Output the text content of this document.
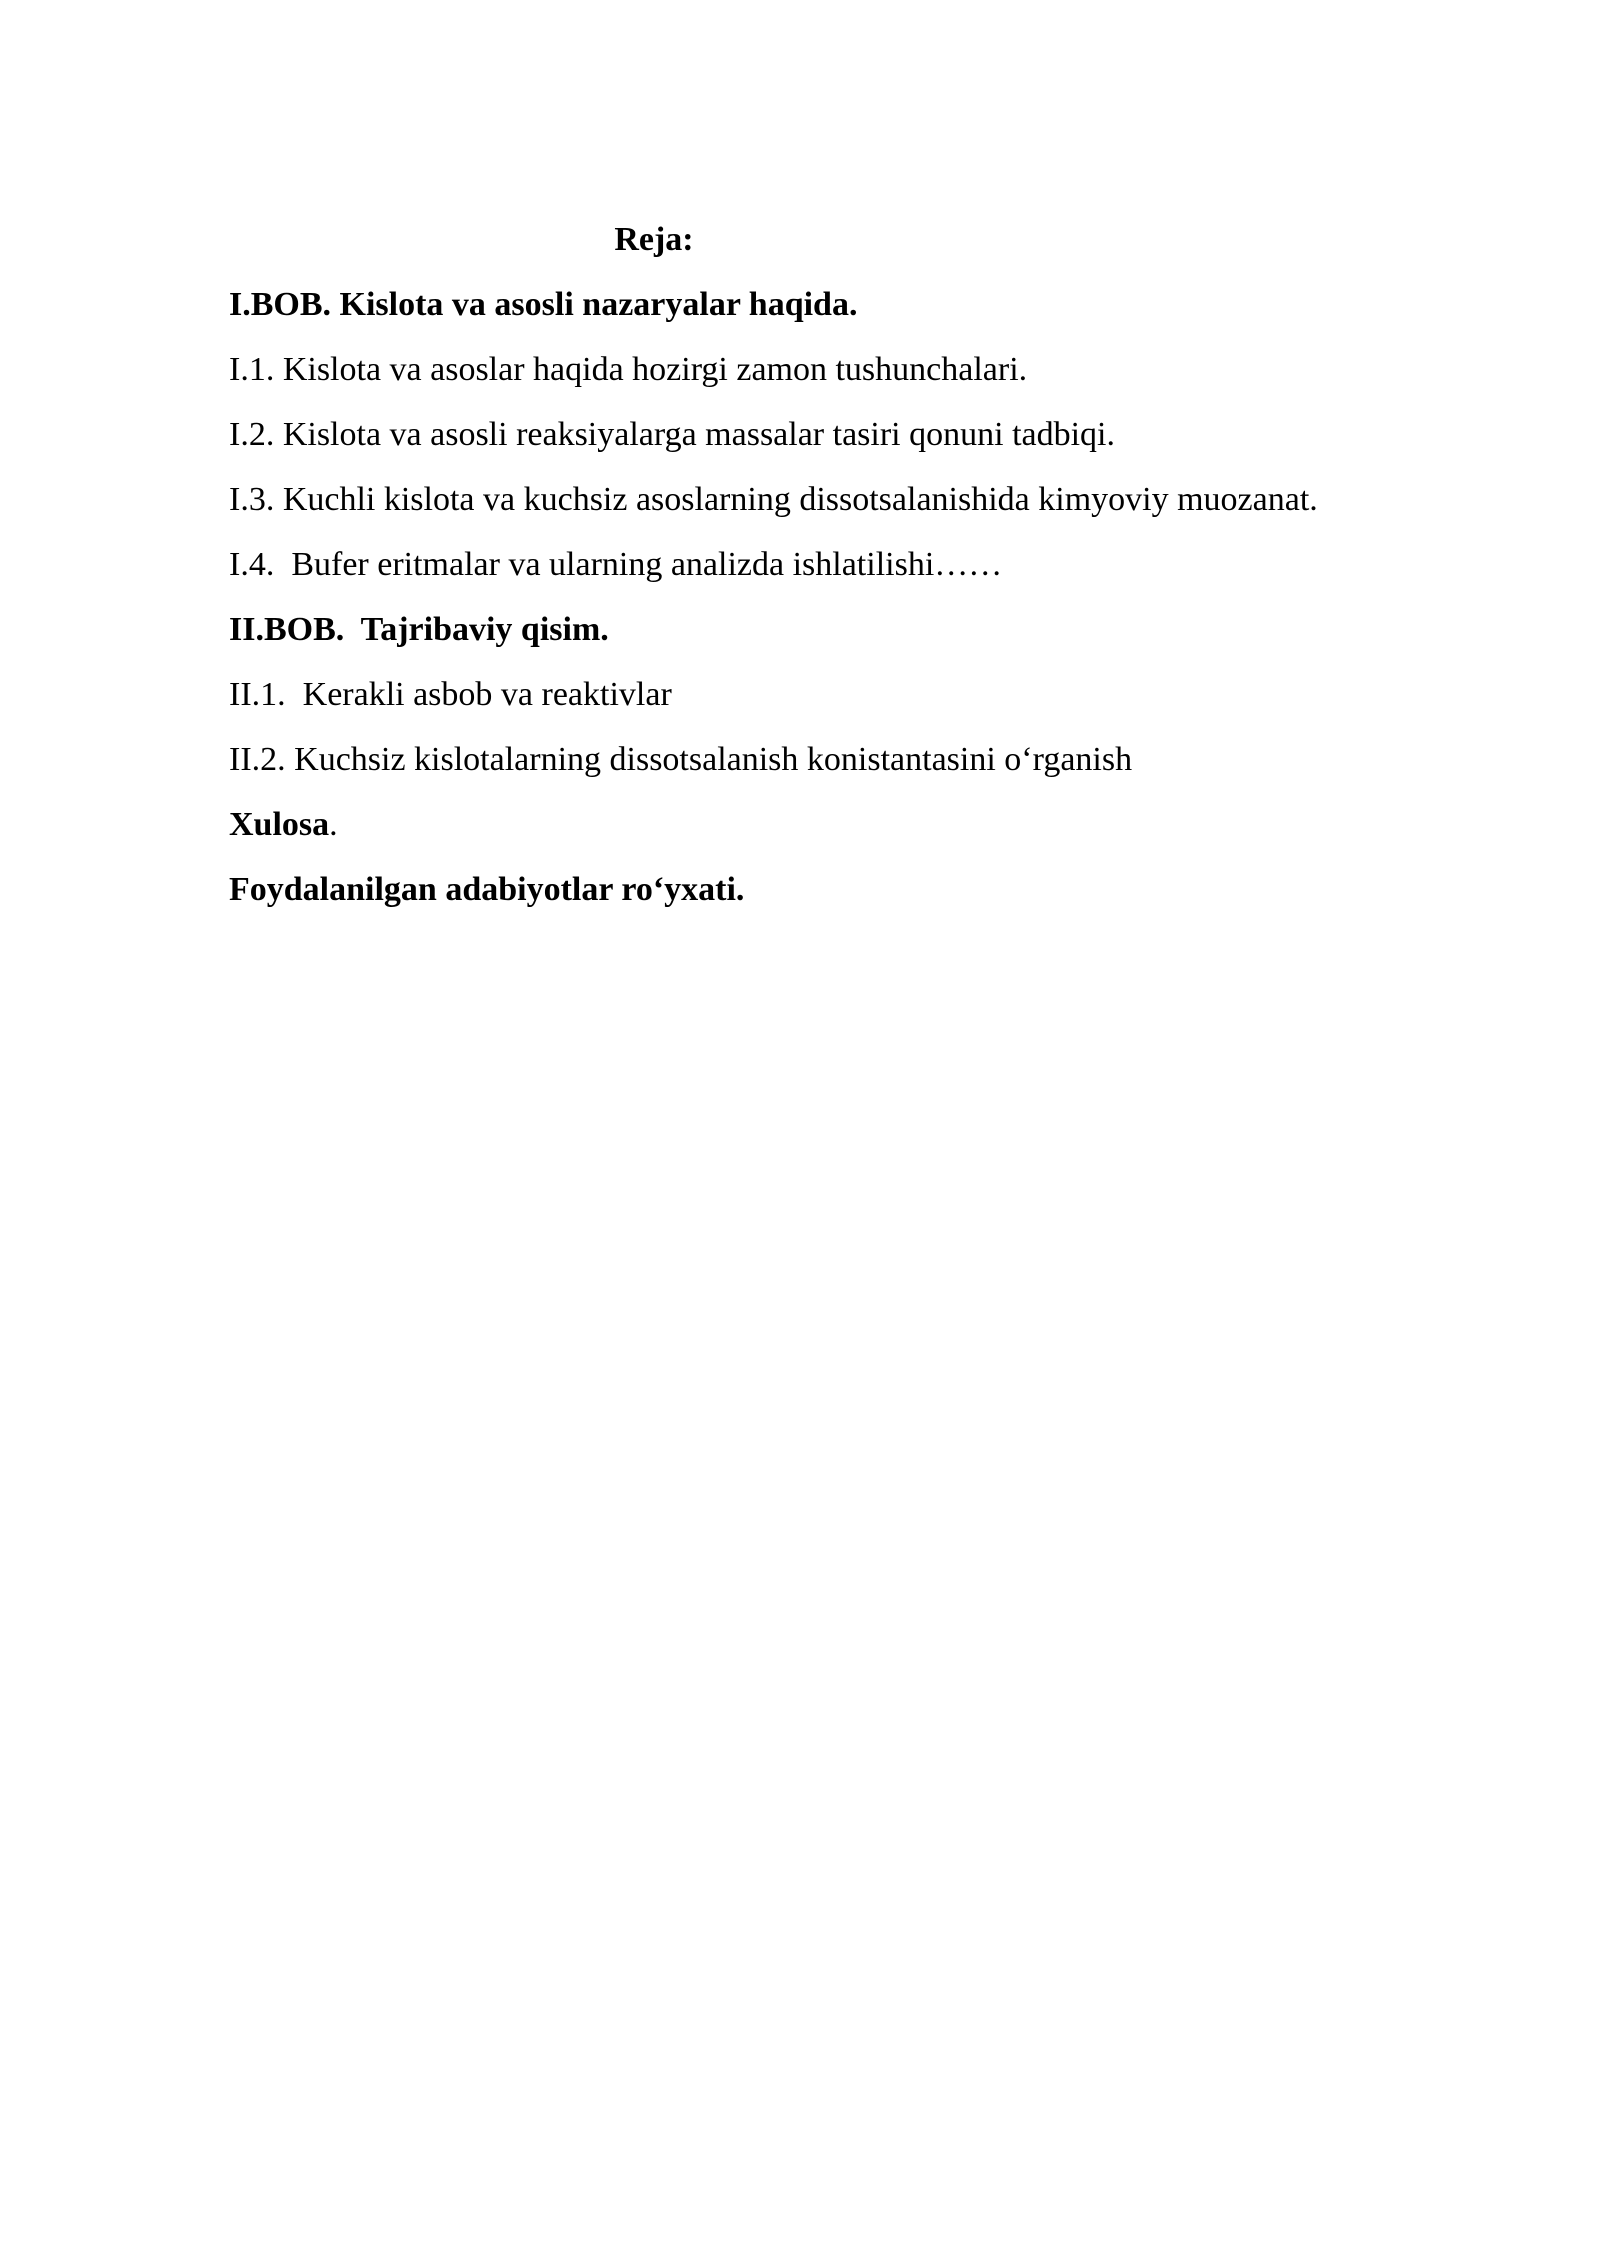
Reja:
I.BOB. Kislota va asosli nazaryalar haqida.
I.1. Kislota va asoslar haqida hozirgi zamon tushunchalari.
I.2. Kislota va asosli reaksiyalarga massalar tasiri qonuni tadbiqi.
I.3. Kuchli kislota va kuchsiz asoslarning dissotsalanishida kimyoviy muozanat.
I.4.  Bufer eritmalar va ularning analizda ishlatilishi……
II.BOB.  Tajribaviy qisim.
II.1.  Kerakli asbob va reaktivlar
II.2. Kuchsiz kislotalarning dissotsalanish konistantasini o‘rganish
Xulosa.
Foydalanilgan adabiyotlar ro‘yxati.
